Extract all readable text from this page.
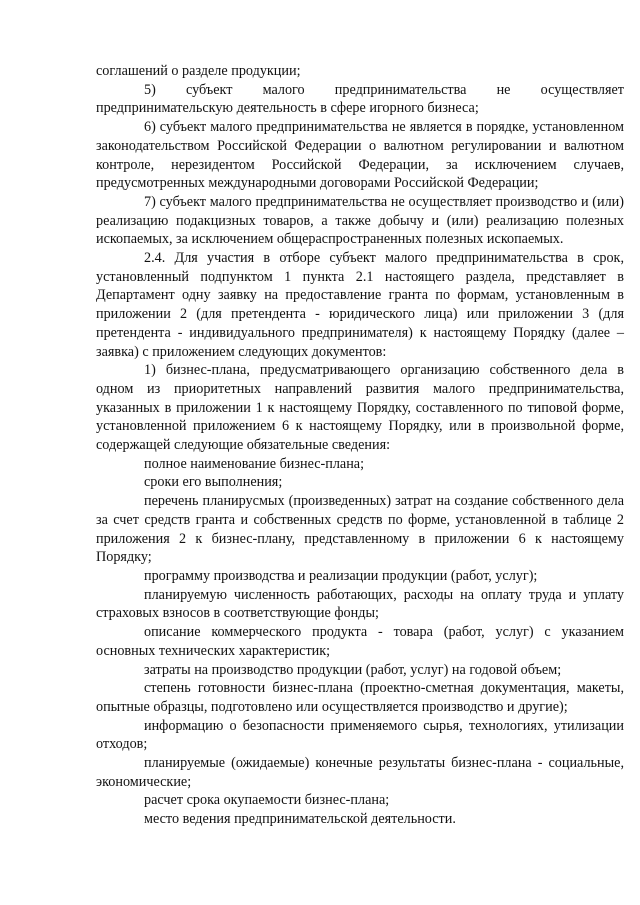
соглашений о разделе продукции;

5) субъект малого предпринимательства не осуществляет предпринимательскую деятельность в сфере игорного бизнеса;

6) субъект малого предпринимательства не является в порядке, установленном законодательством Российской Федерации о валютном регулировании и валютном контроле, нерезидентом Российской Федерации, за исключением случаев, предусмотренных международными договорами Российской Федерации;

7) субъект малого предпринимательства не осуществляет производство и (или) реализацию подакцизных товаров, а также добычу и (или) реализацию полезных ископаемых, за исключением общераспространенных полезных ископаемых.

2.4. Для участия в отборе субъект малого предпринимательства в срок, установленный подпунктом 1 пункта 2.1 настоящего раздела, представляет в Департамент одну заявку на предоставление гранта по формам, установленным в приложении 2 (для претендента - юридического лица) или приложении 3 (для претендента - индивидуального предпринимателя) к настоящему Порядку (далее – заявка) с приложением следующих документов:

1) бизнес-плана, предусматривающего организацию собственного дела в одном из приоритетных направлений развития малого предпринимательства, указанных в приложении 1 к настоящему Порядку, составленного по типовой форме, установленной приложением 6 к настоящему Порядку, или в произвольной форме, содержащей следующие обязательные сведения:

полное наименование бизнес-плана;

сроки его выполнения;

перечень планирусмых (произведенных) затрат на создание собственного дела за счет средств гранта и собственных средств по форме, установленной в таблице 2 приложения 2 к бизнес-плану, представленному в приложении 6 к настоящему Порядку;

программу производства и реализации продукции (работ, услуг);

планируемую численность работающих, расходы на оплату труда и уплату страховых взносов в соответствующие фонды;

описание коммерческого продукта - товара (работ, услуг) с указанием основных технических характеристик;

затраты на производство продукции (работ, услуг) на годовой объем;

степень готовности бизнес-плана (проектно-сметная документация, макеты, опытные образцы, подготовлено или осуществляется производство и другие);

информацию о безопасности применяемого сырья, технологиях, утилизации отходов;

планируемые (ожидаемые) конечные результаты бизнес-плана - социальные, экономические;

расчет срока окупаемости бизнес-плана;

место ведения предпринимательской деятельности.
